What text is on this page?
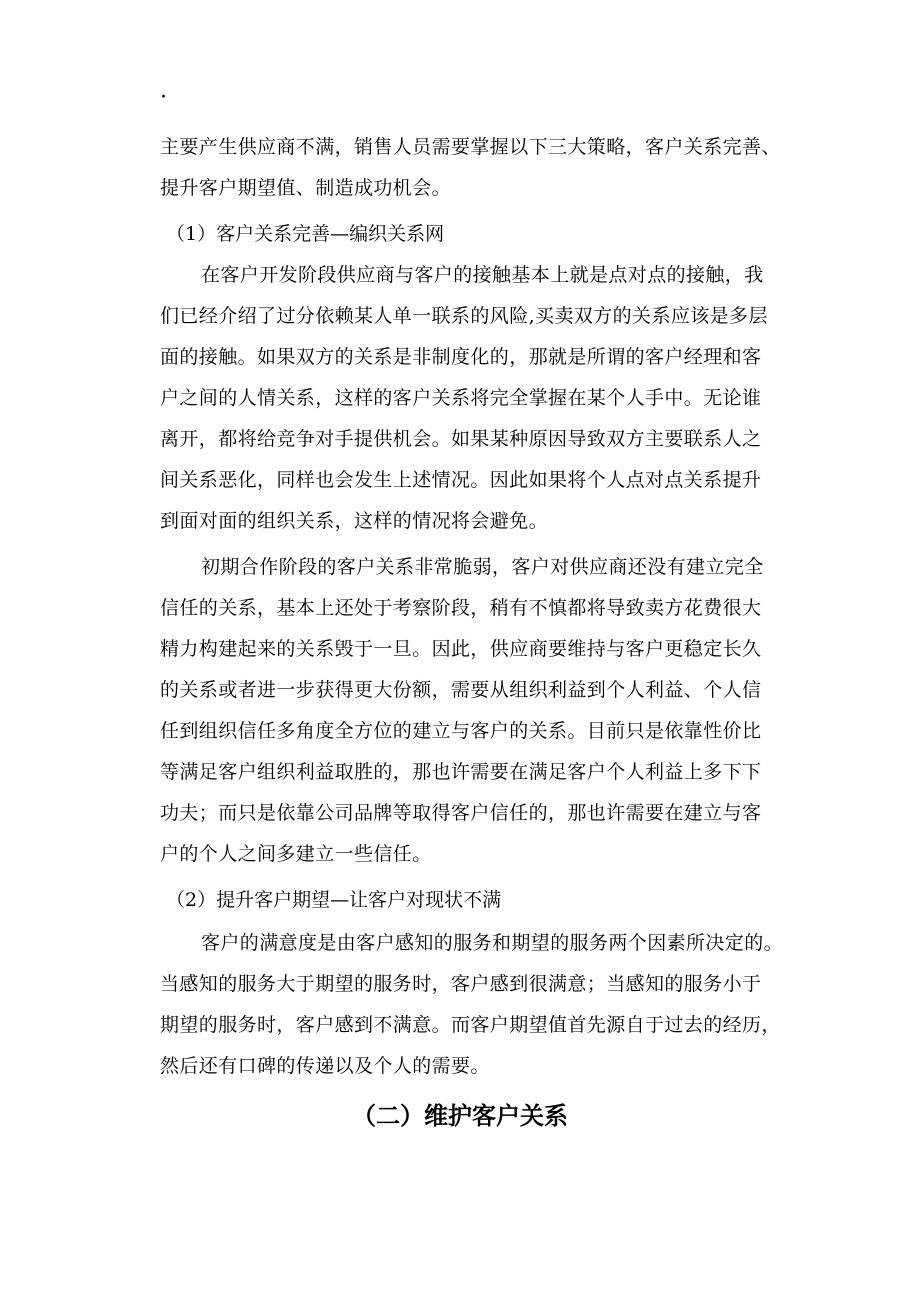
·
主要产生供应商不满，销售人员需要掌握以下三大策略，客户关系完善、
提升客户期望值、制造成功机会。
（1）客户关系完善—编织关系网
在客户开发阶段供应商与客户的接触基本上就是点对点的接触，我
们已经介绍了过分依赖某人单一联系的风险,买卖双方的关系应该是多层
面的接触。如果双方的关系是非制度化的，那就是所谓的客户经理和客
户之间的人情关系，这样的客户关系将完全掌握在某个人手中。无论谁
离开，都将给竞争对手提供机会。如果某种原因导致双方主要联系人之
间关系恶化，同样也会发生上述情况。因此如果将个人点对点关系提升
到面对面的组织关系，这样的情况将会避免。
初期合作阶段的客户关系非常脆弱，客户对供应商还没有建立完全
信任的关系，基本上还处于考察阶段，稍有不慎都将导致卖方花费很大
精力构建起来的关系毁于一旦。因此，供应商要维持与客户更稳定长久
的关系或者进一步获得更大份额，需要从组织利益到个人利益、个人信
任到组织信任多角度全方位的建立与客户的关系。目前只是依靠性价比
等满足客户组织利益取胜的，那也许需要在满足客户个人利益上多下下
功夫；而只是依靠公司品牌等取得客户信任的，那也许需要在建立与客
户的个人之间多建立一些信任。
（2）提升客户期望—让客户对现状不满
客户的满意度是由客户感知的服务和期望的服务两个因素所决定的。
当感知的服务大于期望的服务时，客户感到很满意；当感知的服务小于
期望的服务时，客户感到不满意。而客户期望值首先源自于过去的经历，
然后还有口碑的传递以及个人的需要。
（二）维护客户关系
